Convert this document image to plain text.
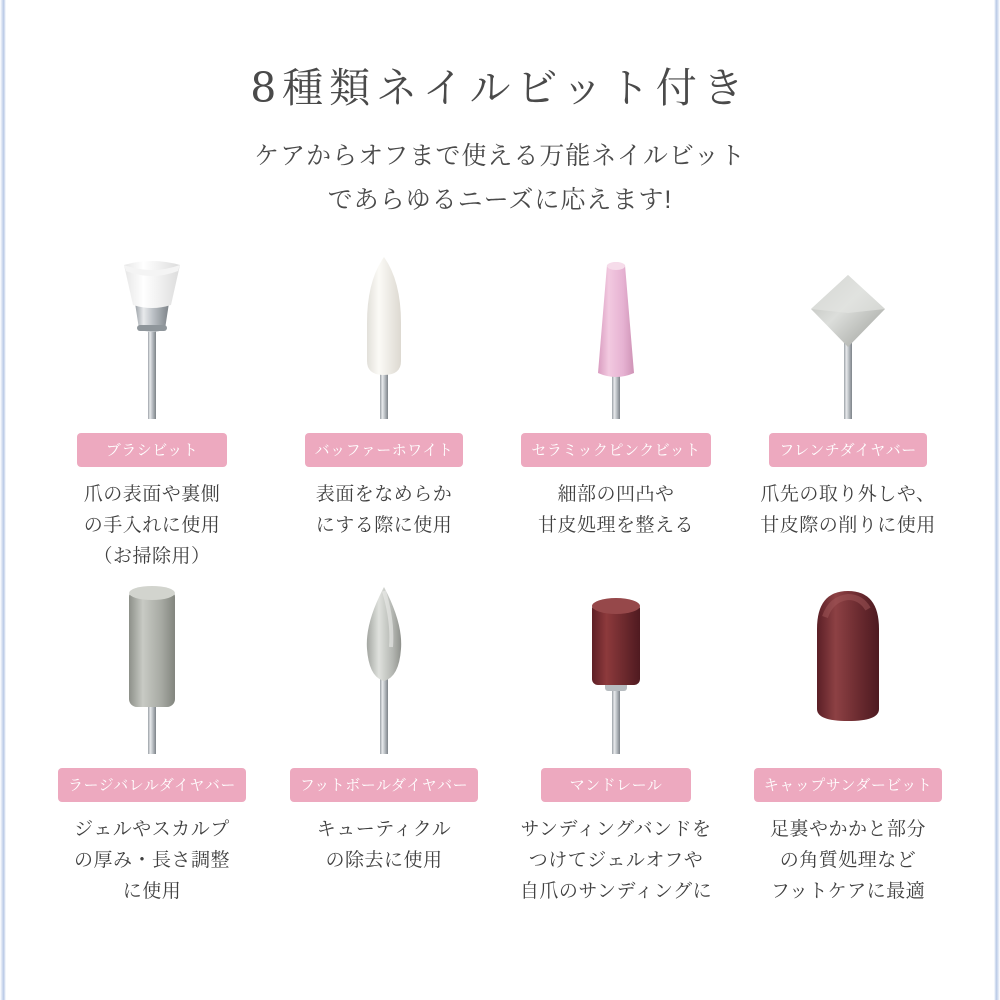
8種類ネイルビット付き
ケアからオフまで使える万能ネイルビット
であらゆるニーズに応えます!
ブラシビット
爪の表面や裏側
の手入れに使用
（お掃除用）
バッファーホワイト
表面をなめらか
にする際に使用
セラミックピンクビット
細部の凹凸や
甘皮処理を整える
フレンチダイヤバー
爪先の取り外しや、
甘皮際の削りに使用
ラージバレルダイヤバー
ジェルやスカルプ
の厚み・長さ調整
に使用
フットボールダイヤバー
キューティクル
の除去に使用
マンドレール
サンディングバンドを
つけてジェルオフや
自爪のサンディングに
キャップサンダービット
足裏やかかと部分
の角質処理など
フットケアに最適
